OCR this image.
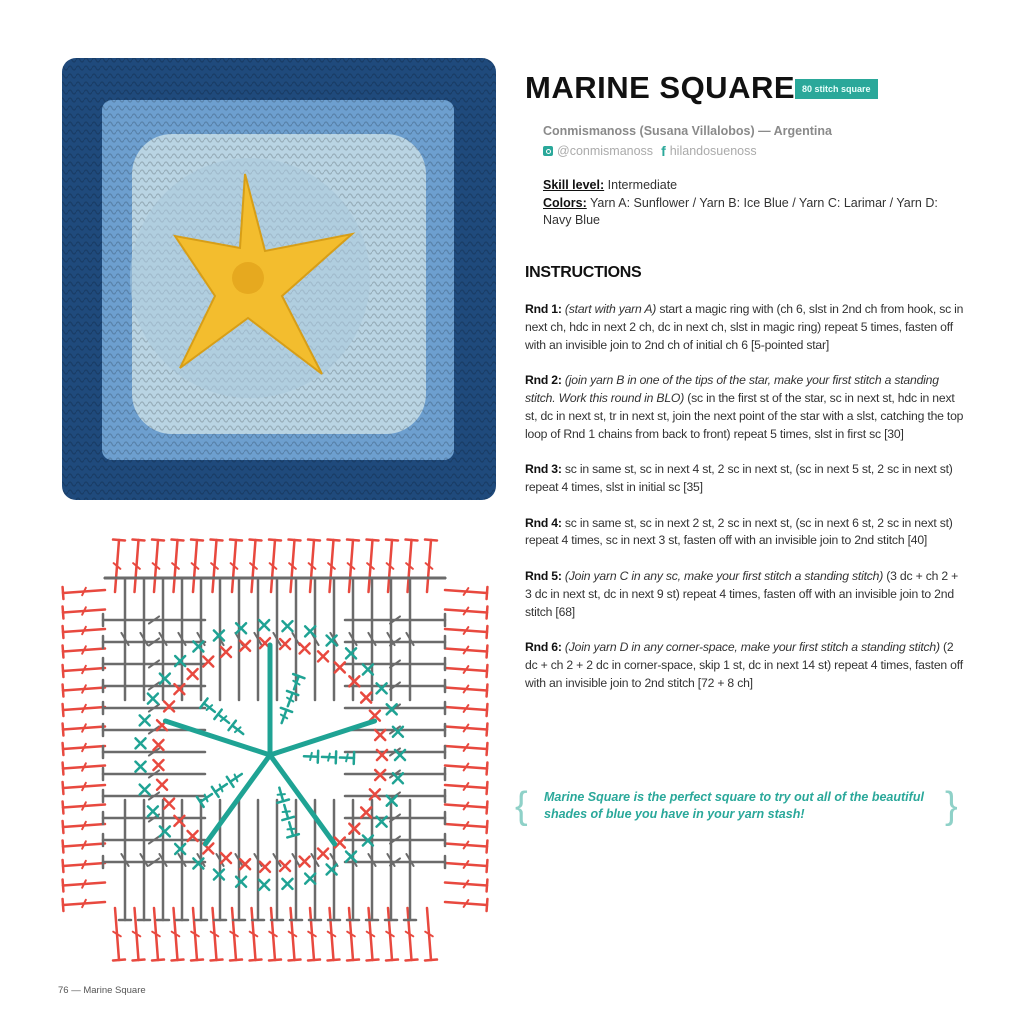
MARINE SQUARE 80 stitch square
Conmismanoss (Susana Villalobos) — Argentina
@conmismanoss f hilandosuenoss
Skill level: Intermediate
Colors: Yarn A: Sunflower / Yarn B: Ice Blue / Yarn C: Larimar / Yarn D: Navy Blue
INSTRUCTIONS

Rnd 1: (start with yarn A) start a magic ring with (ch 6, slst in 2nd ch from hook, sc in next ch, hdc in next 2 ch, dc in next ch, slst in magic ring) repeat 5 times, fasten off with an invisible join to 2nd ch of initial ch 6 [5-pointed star]

Rnd 2: (join yarn B in one of the tips of the star, make your first stitch a standing stitch. Work this round in BLO) (sc in the first st of the star, sc in next st, hdc in next st, dc in next st, tr in next st, join the next point of the star with a slst, catching the top loop of Rnd 1 chains from back to front) repeat 5 times, slst in first sc [30]

Rnd 3: sc in same st, sc in next 4 st, 2 sc in next st, (sc in next 5 st, 2 sc in next st) repeat 4 times, slst in initial sc [35]

Rnd 4: sc in same st, sc in next 2 st, 2 sc in next st, (sc in next 6 st, 2 sc in next st) repeat 4 times, sc in next 3 st, fasten off with an invisible join to 2nd stitch [40]

Rnd 5: (Join yarn C in any sc, make your first stitch a standing stitch) (3 dc + ch 2 + 3 dc in next st, dc in next 9 st) repeat 4 times, fasten off with an invisible join to 2nd stitch [68]

Rnd 6: (Join yarn D in any corner-space, make your first stitch a standing stitch) (2 dc + ch 2 + 2 dc in corner-space, skip 1 st, dc in next 14 st) repeat 4 times, fasten off with an invisible join to 2nd stitch [72 + 8 ch]

{ Marine Square is the perfect square to try out all of the beautiful shades of blue you have in your yarn stash!	}
76 — Marine Square
